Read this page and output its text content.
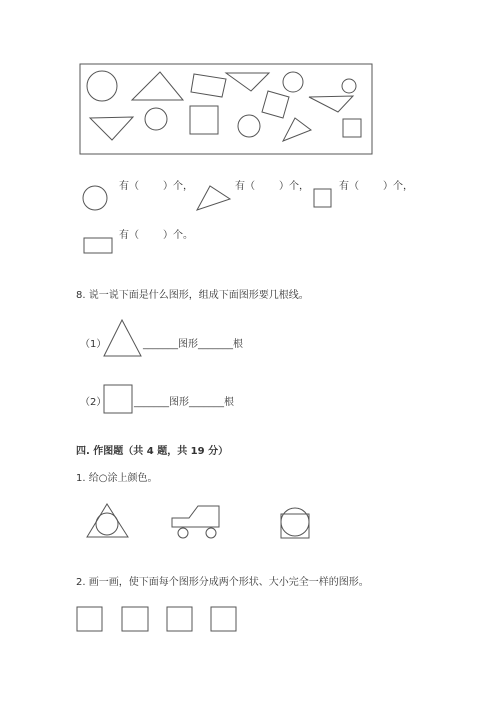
有（ ）个，	有（ ）个，	有（ ）个，
有（ ）个。
8. 说一说下面是什么图形，组成下面图形要几根线。
（1）	_______图形_______根
（2）	_______图形_______根
四. 作图题（共 4 题，共 19 分）
1. 给○涂上颜色。
2. 画一画，使下面每个图形分成两个形状、大小完全一样的图形。
